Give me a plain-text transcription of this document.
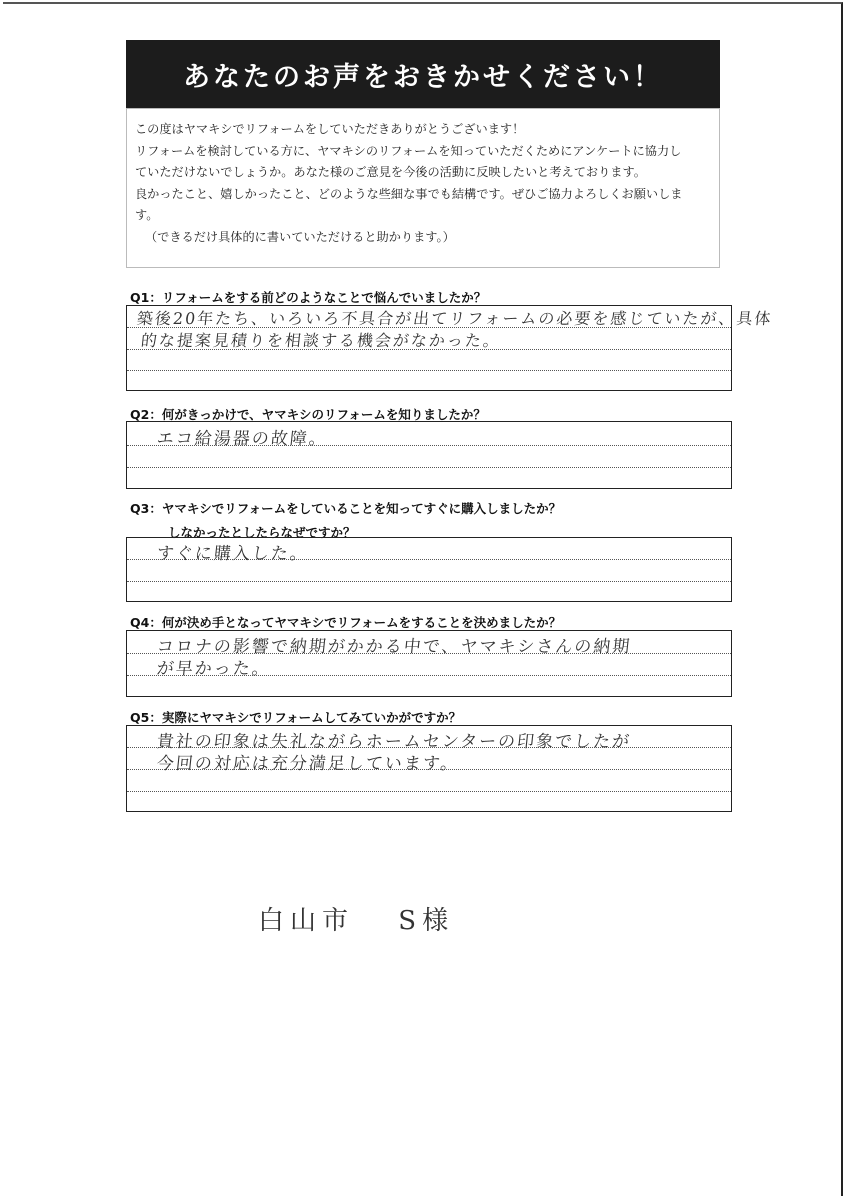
あなたのお声をおきかせください！

この度はヤマキシでリフォームをしていただきありがとうございます！

リフォームを検討している方に、ヤマキシのリフォームを知っていただくためにアンケートに協力し

ていただけないでしょうか。あなた様のご意見を今後の活動に反映したいと考えております。

良かったこと、嬉しかったこと、どのような些細な事でも結構です。ぜひご協力よろしくお願いしま

す。

（できるだけ具体的に書いていただけると助かります。）

Q1：リフォームをする前どのようなことで悩んでいましたか？
築後20年たち、いろいろ不具合が出てリフォームの必要を感じていたが、具体
的な提案見積りを相談する機会がなかった。
Q2：何がきっかけで、ヤマキシのリフォームを知りましたか？
エコ給湯器の故障。
Q3：ヤマキシでリフォームをしていることを知ってすぐに購入しましたか？
しなかったとしたらなぜですか？
すぐに購入した。
Q4：何が決め手となってヤマキシでリフォームをすることを決めましたか？
コロナの影響で納期がかかる中で、ヤマキシさんの納期
が早かった。
Q5：実際にヤマキシでリフォームしてみていかがですか？
貴社の印象は失礼ながらホームセンターの印象でしたが
今回の対応は充分満足しています。
白山市 S様
